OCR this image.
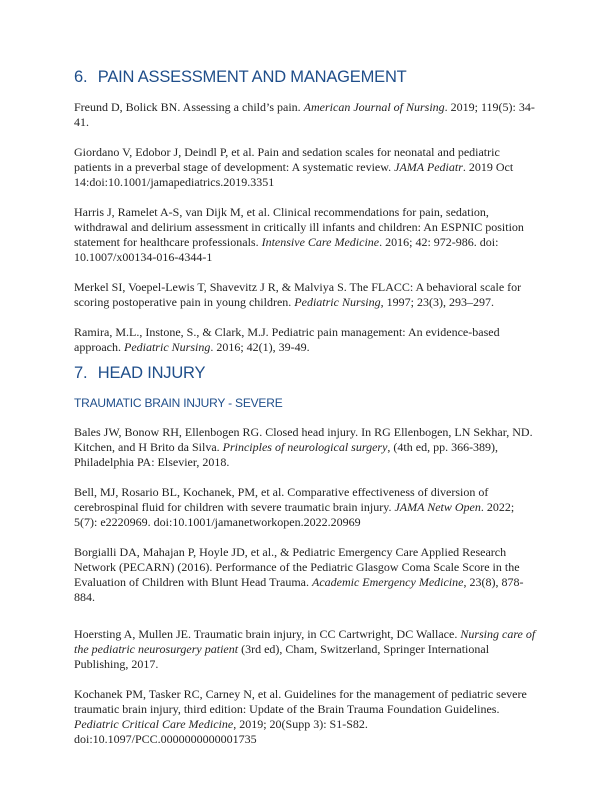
6. PAIN ASSESSMENT AND MANAGEMENT

Freund D, Bolick BN. Assessing a child’s pain. American Journal of Nursing. 2019; 119(5): 34-41.

Giordano V, Edobor J, Deindl P, et al. Pain and sedation scales for neonatal and pediatric patients in a preverbal stage of development: A systematic review. JAMA Pediatr. 2019 Oct 14:doi:10.1001/jamapediatrics.2019.3351

Harris J, Ramelet A-S, van Dijk M, et al. Clinical recommendations for pain, sedation, withdrawal and delirium assessment in critically ill infants and children: An ESPNIC position statement for healthcare professionals. Intensive Care Medicine. 2016; 42: 972-986. doi: 10.1007/x00134-016-4344-1

Merkel SI, Voepel-Lewis T, Shavevitz J R, & Malviya S. The FLACC: A behavioral scale for scoring postoperative pain in young children. Pediatric Nursing, 1997; 23(3), 293–297.

Ramira, M.L., Instone, S., & Clark, M.J. Pediatric pain management: An evidence-based approach. Pediatric Nursing. 2016; 42(1), 39-49.

7. HEAD INJURY
TRAUMATIC BRAIN INJURY - SEVERE

Bales JW, Bonow RH, Ellenbogen RG. Closed head injury. In RG Ellenbogen, LN Sekhar, ND. Kitchen, and H Brito da Silva. Principles of neurological surgery, (4th ed, pp. 366-389), Philadelphia PA: Elsevier, 2018.

Bell, MJ, Rosario BL, Kochanek, PM, et al. Comparative effectiveness of diversion of cerebrospinal fluid for children with severe traumatic brain injury. JAMA Netw Open. 2022; 5(7): e2220969. doi:10.1001/jamanetworkopen.2022.20969

Borgialli DA, Mahajan P, Hoyle JD, et al., & Pediatric Emergency Care Applied Research Network (PECARN) (2016). Performance of the Pediatric Glasgow Coma Scale Score in the Evaluation of Children with Blunt Head Trauma. Academic Emergency Medicine, 23(8), 878-884.

Hoersting A, Mullen JE. Traumatic brain injury, in CC Cartwright, DC Wallace. Nursing care of the pediatric neurosurgery patient (3rd ed), Cham, Switzerland, Springer International Publishing, 2017.

Kochanek PM, Tasker RC, Carney N, et al. Guidelines for the management of pediatric severe traumatic brain injury, third edition: Update of the Brain Trauma Foundation Guidelines. Pediatric Critical Care Medicine, 2019; 20(Supp 3): S1-S82. doi:10.1097/PCC.0000000000001735
